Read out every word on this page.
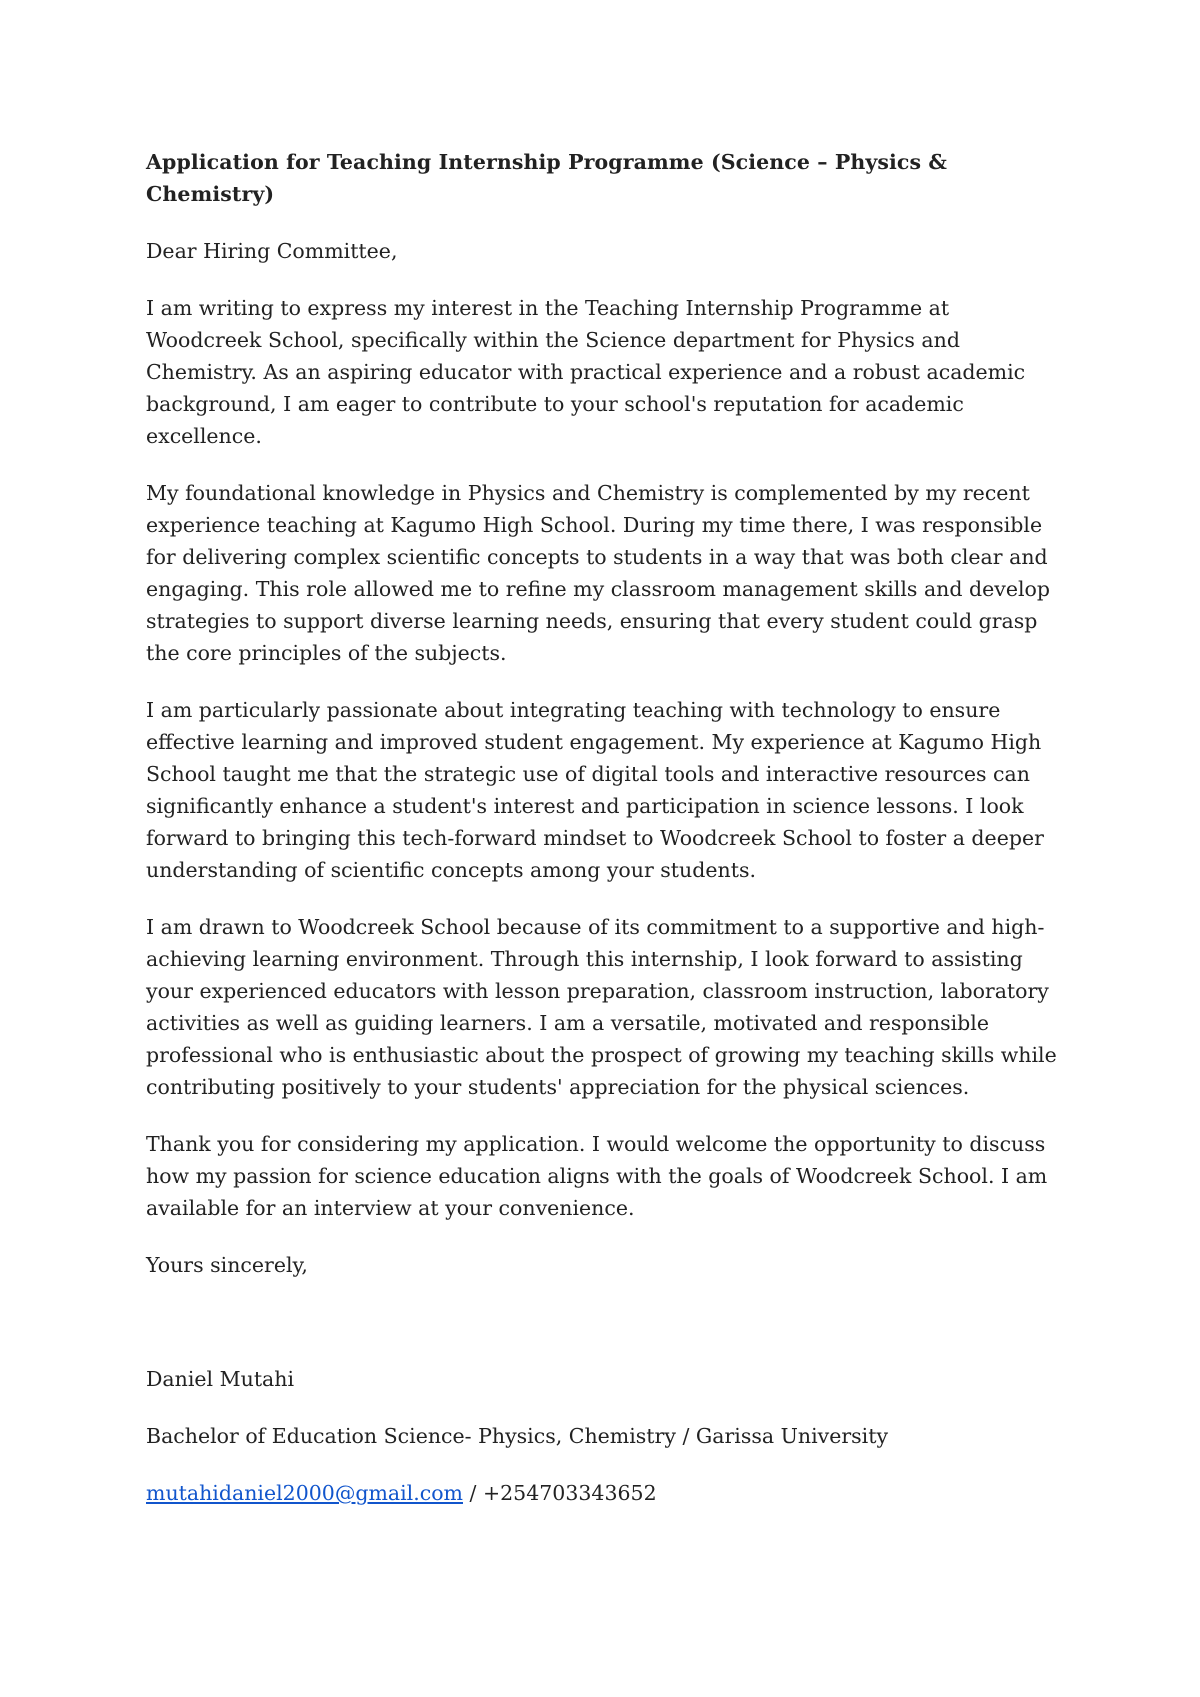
Application for Teaching Internship Programme (Science – Physics & Chemistry)

Dear Hiring Committee,

I am writing to express my interest in the Teaching Internship Programme at Woodcreek School, specifically within the Science department for Physics and Chemistry. As an aspiring educator with practical experience and a robust academic background, I am eager to contribute to your school's reputation for academic excellence.

My foundational knowledge in Physics and Chemistry is complemented by my recent experience teaching at Kagumo High School. During my time there, I was responsible for delivering complex scientific concepts to students in a way that was both clear and engaging. This role allowed me to refine my classroom management skills and develop strategies to support diverse learning needs, ensuring that every student could grasp the core principles of the subjects.

I am particularly passionate about integrating teaching with technology to ensure effective learning and improved student engagement. My experience at Kagumo High School taught me that the strategic use of digital tools and interactive resources can significantly enhance a student's interest and participation in science lessons. I look forward to bringing this tech-forward mindset to Woodcreek School to foster a deeper understanding of scientific concepts among your students.

I am drawn to Woodcreek School because of its commitment to a supportive and high-achieving learning environment. Through this internship, I look forward to assisting your experienced educators with lesson preparation, classroom instruction, laboratory activities as well as guiding learners. I am a versatile, motivated and responsible professional who is enthusiastic about the prospect of growing my teaching skills while contributing positively to your students' appreciation for the physical sciences.

Thank you for considering my application. I would welcome the opportunity to discuss how my passion for science education aligns with the goals of Woodcreek School. I am available for an interview at your convenience.

Yours sincerely,

Daniel Mutahi

Bachelor of Education Science- Physics, Chemistry / Garissa University

mutahidaniel2000@gmail.com / +254703343652
